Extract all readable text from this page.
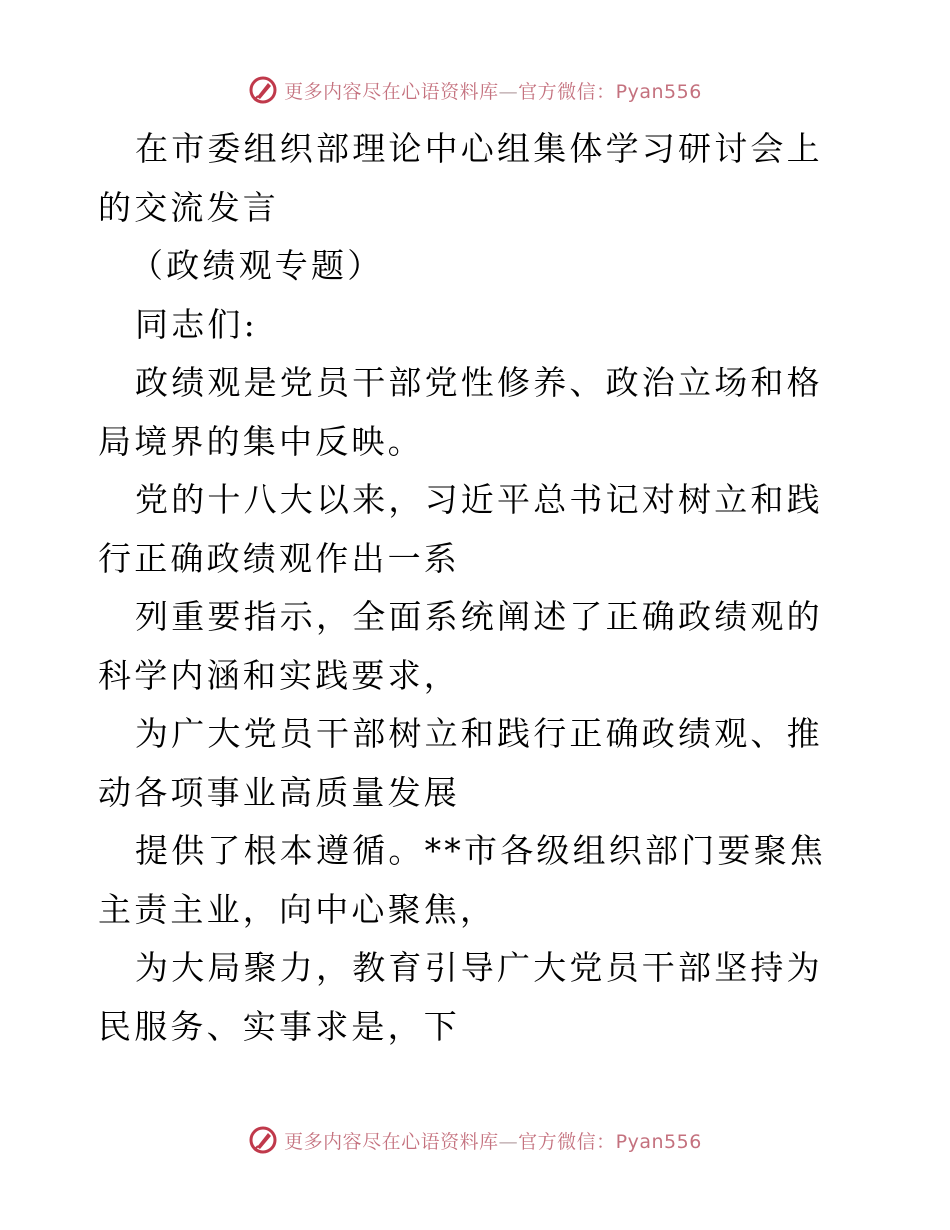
更多内容尽在心语资料库—官方微信：Pyan556

在市委组织部理论中心组集体学习研讨会上的交流发言

（政绩观专题）

同志们:

政绩观是党员干部党性修养、政治立场和格局境界的集中反映。

党的十八大以来，习近平总书记对树立和践行正确政绩观作出一系

列重要指示，全面系统阐述了正确政绩观的科学内涵和实践要求，

为广大党员干部树立和践行正确政绩观、推动各项事业高质量发展

提供了根本遵循。**市各级组织部门要聚焦主责主业，向中心聚焦，

为大局聚力，教育引导广大党员干部坚持为民服务、实事求是，下

更多内容尽在心语资料库—官方微信：Pyan556
